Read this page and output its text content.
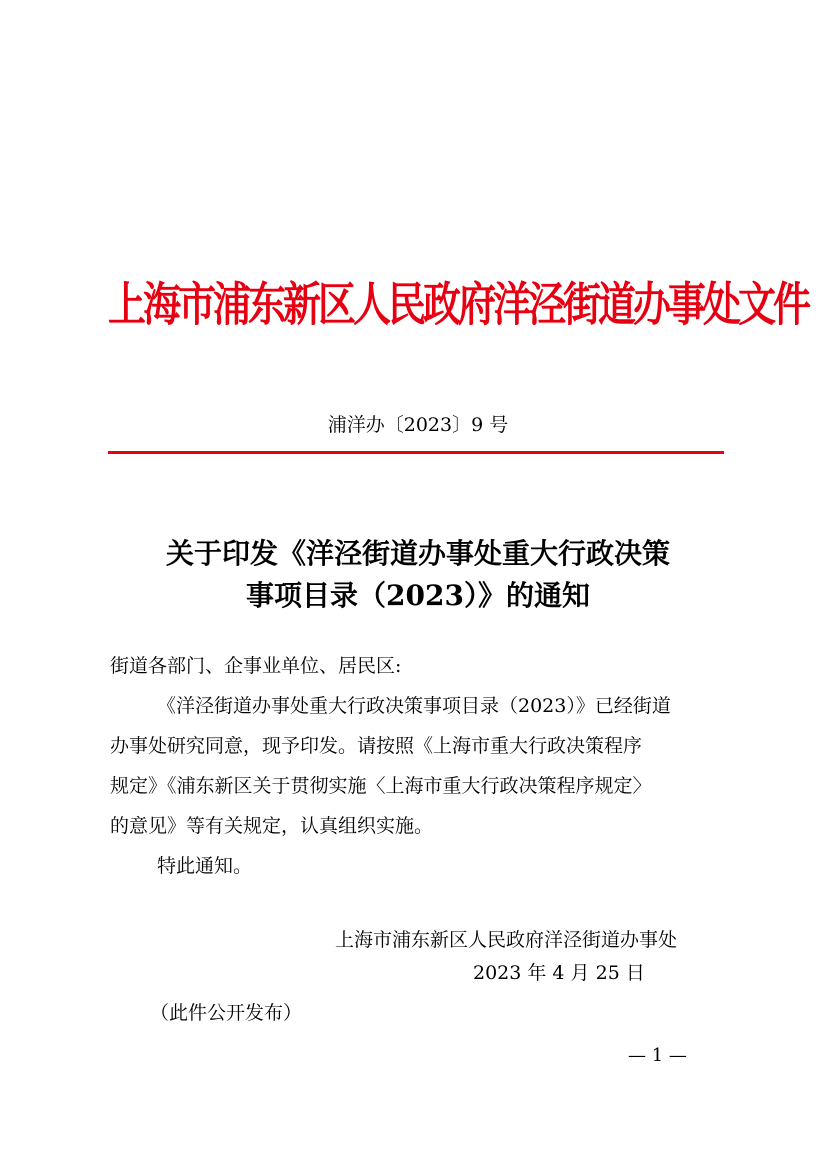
上海市浦东新区人民政府洋泾街道办事处文件
浦洋办〔2023〕9 号
关于印发《洋泾街道办事处重大行政决策
事项目录（2023）》的通知
街道各部门、企事业单位、居民区:
《洋泾街道办事处重大行政决策事项目录（2023）》已经街道
办事处研究同意，现予印发。请按照《上海市重大行政决策程序
规定》《浦东新区关于贯彻实施〈上海市重大行政决策程序规定〉
的意见》等有关规定，认真组织实施。
特此通知。
上海市浦东新区人民政府洋泾街道办事处
2023 年 4 月 25 日
（此件公开发布）
— 1 —
